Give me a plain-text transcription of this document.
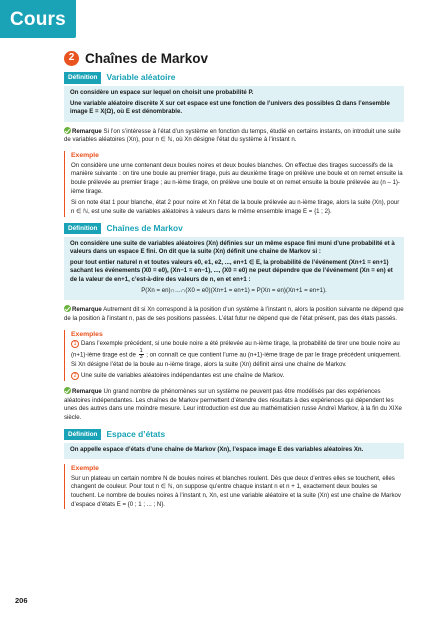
Cours
2 Chaînes de Markov
Définition	Variable aléatoire

On considère un espace sur lequel on choisit une probabilité P.

Une variable aléatoire discrète X sur cet espace est une fonction de l’univers des possibles Ω dans l’ensemble image E = X(Ω), où E est dénombrable.

Remarque Si l’on s’intéresse à l’état d’un système en fonction du temps, étudié en certains instants, on introduit une suite de variables aléatoires (Xn), pour n ∈ ℕ, où Xn désigne l’état du système à l’instant n.

Exemple

On considère une urne contenant deux boules noires et deux boules blanches. On effectue des tirages successifs de la manière suivante : on tire une boule au premier tirage, puis au deuxième tirage on prélève une boule et on remet ensuite la boule prélevée au premier tirage ; au n-ième tirage, on prélève une boule et on remet ensuite la boule prélevée au (n – 1)-ième tirage.

Si on note état 1 pour blanche, état 2 pour noire et Xn l’état de la boule prélevée au n-ième tirage, alors la suite (Xn), pour n ∈ ℕ, est une suite de variables aléatoires à valeurs dans le même ensemble image E = {1 ; 2}.

Définition	Chaînes de Markov

On considère une suite de variables aléatoires (Xn) définies sur un même espace fini muni d’une probabilité et à valeurs dans un espace E fini. On dit que la suite (Xn) définit une chaîne de Markov si :

pour tout entier naturel n et toutes valeurs e0, e1, e2, ..., en+1 ∈ E, la probabilité de l’événement (Xn+1 = en+1) sachant les événements (X0 = e0), (Xn−1 = en−1), ..., (X0 = e0) ne peut dépendre que de l’événement (Xn = en) et de la valeur de en+1, c’est-à-dire des valeurs de n, en et en+1 :

P(Xn = en)∩…∩(X0 = e0)(Xn+1 = en+1) = P(Xn = en)(Xn+1 = en+1).

Remarque Autrement dit si Xn correspond à la position d’un système à l’instant n, alors la position suivante ne dépend que de la position à l’instant n, pas de ses positions passées. L’état futur ne dépend que de l’état présent, pas des états passés.

Exemples

1 Dans l’exemple précédent, si une boule noire a été prélevée au n-ième tirage, la probabilité de tirer une boule noire au (n+1)-ième tirage est de $\frac{1}{3}$ ; on connaît ce que contient l’urne au (n+1)-ième tirage de par le tirage précédent uniquement. Si Xn désigne l’état de la boule au n-ième tirage, alors la suite (Xn) définit ainsi une chaîne de Markov.

2 Une suite de variables aléatoires indépendantes est une chaîne de Markov.

Remarque Un grand nombre de phénomènes sur un système ne peuvent pas être modélisés par des expériences aléatoires indépendantes. Les chaînes de Markov permettent d’étendre des résultats à des expériences qui dépendent les unes des autres dans une moindre mesure. Leur introduction est due au mathématicien russe Andreï Markov, à la fin du XIXe siècle.

Définition	Espace d’états

On appelle espace d’états d’une chaîne de Markov (Xn), l’espace image E des variables aléatoires Xn.

Exemple

Sur un plateau un certain nombre N de boules noires et blanches roulent. Dès que deux d’entres elles se touchent, elles changent de couleur. Pour tout n ∈ ℕ, on suppose qu’entre chaque instant n et n + 1, exactement deux boules se touchent. Le nombre de boules noires à l’instant n, Xn, est une variable aléatoire et la suite (Xn) est une chaîne de Markov d’espace d’états E = {0 ; 1 ; ... ; N}.

206
